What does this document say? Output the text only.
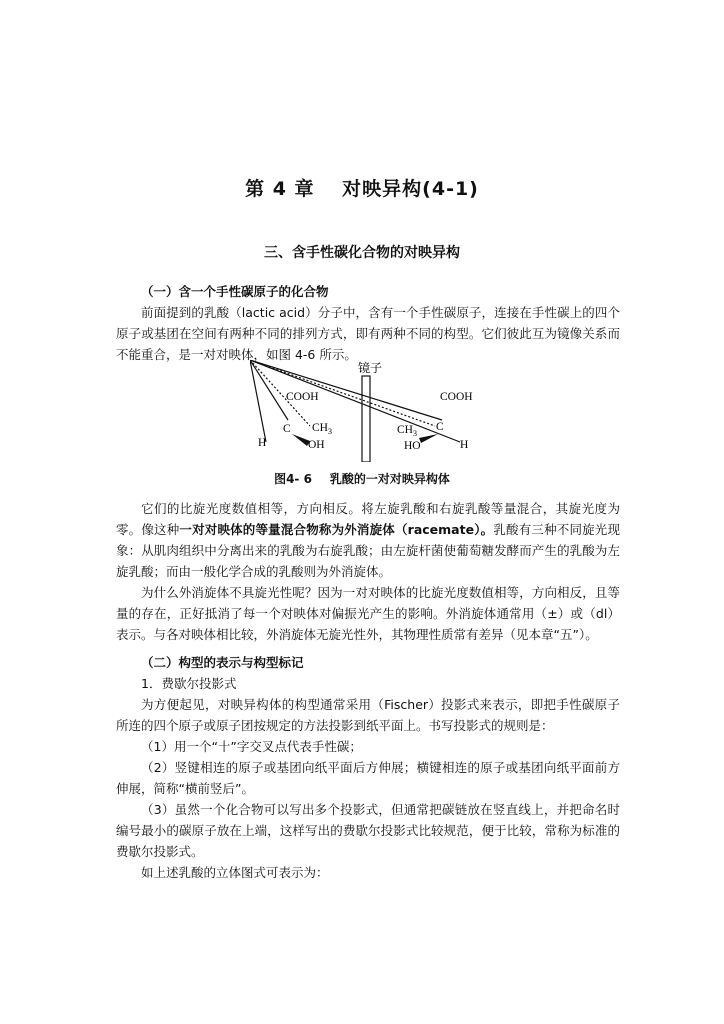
第 4 章　 对映异构(4-1)
三、含手性碳化合物的对映异构

（一）含一个手性碳原子的化合物

前面提到的乳酸（lactic acid）分子中，含有一个手性碳原子，连接在手性碳上的四个原子或基团在空间有两种不同的排列方式，即有两种不同的构型。它们彼此互为镜像关系而不能重合，是一对对映体，如图 4-6 所示。

镜子
COOH
C $CH_3$
H	OH
COOH
C
$CH_3$
HO	H
图4- 6 乳酸的一对对映异构体

它们的比旋光度数值相等，方向相反。将左旋乳酸和右旋乳酸等量混合，其旋光度为零。像这种一对对映体的等量混合物称为外消旋体（racemate）。乳酸有三种不同旋光现象：从肌肉组织中分离出来的乳酸为右旋乳酸；由左旋杆菌使葡萄糖发酵而产生的乳酸为左旋乳酸；而由一般化学合成的乳酸则为外消旋体。

为什么外消旋体不具旋光性呢？因为一对对映体的比旋光度数值相等，方向相反，且等量的存在，正好抵消了每一个对映体对偏振光产生的影响。外消旋体通常用（±）或（dl）表示。与各对映体相比较，外消旋体无旋光性外，其物理性质常有差异（见本章“五”）。

（二）构型的表示与构型标记

1．费歇尔投影式

为方便起见，对映异构体的构型通常采用（Fischer）投影式来表示，即把手性碳原子所连的四个原子或原子团按规定的方法投影到纸平面上。书写投影式的规则是：

（1）用一个“十”字交叉点代表手性碳；

（2）竖键相连的原子或基团向纸平面后方伸展；横键相连的原子或基团向纸平面前方伸展，简称“横前竖后”。

（3）虽然一个化合物可以写出多个投影式，但通常把碳链放在竖直线上，并把命名时编号最小的碳原子放在上端，这样写出的费歇尔投影式比较规范，便于比较，常称为标准的费歇尔投影式。

如上述乳酸的立体图式可表示为：
